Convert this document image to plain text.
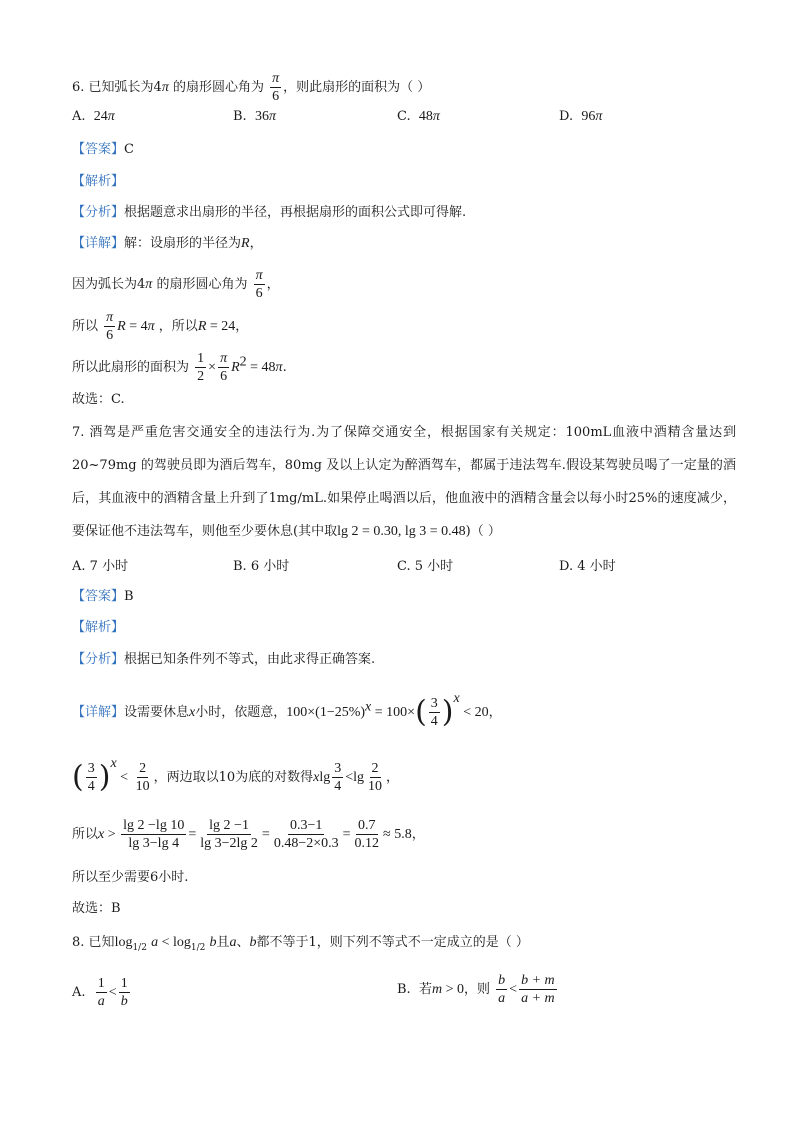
6. 已知弧长为4π 的扇形圆心角为 $\frac{\pi}{6}$ ，则此扇形的面积为（ ）
A. 24π	B. 36π	C. 48π	D. 96π
【答案】C
【解析】
【分析】根据题意求出扇形的半径，再根据扇形的面积公式即可得解.
【详解】解：设扇形的半径为R，
因为弧长为4π 的扇形圆心角为 $\frac{\pi}{6}$ ，
所以 $\frac{\pi}{6}$ R = 4π ，所以R = 24，
所以此扇形的面积为 $\frac{1}{2} \times \frac{\pi}{6} R^2 = 48\pi$.
故选：C.
7. 酒驾是严重危害交通安全的违法行为.为了保障交通安全，根据国家有关规定：100mL血液中酒精含量达到 20~79mg 的驾驶员即为酒后驾车，80mg 及以上认定为醉酒驾车，都属于违法驾车.假设某驾驶员喝了一定量的酒后，其血液中的酒精含量上升到了1mg/mL.如果停止喝酒以后，他血液中的酒精含量会以每小时25%的速度减少，要保证他不违法驾车，则他至少要休息(其中取lg 2 = 0.30, lg 3 = 0.48)（ ）
A. 7 小时	B. 6 小时	C. 5 小时	D. 4 小时
【答案】B
【解析】
【分析】根据已知条件列不等式，由此求得正确答案.
【详解】设需要休息x小时，依题意，$100\times(1-25\%)^x = 100\times( \frac{3}{4} )^x < 20$，
( $\frac{3}{4} )^x < \frac{2}{10}$ ，两边取以10为底的对数得xlg $\frac{3}{4} <\lg \frac{2}{10}$ ，
所以$x > \frac{\lg 2 -\lg 10}{\lg 3-\lg 4} = \frac{\lg 2 -1}{\lg 3-2\lg 2} = \frac{0.3-1}{0.48-2\times 0.3} = \frac{0.7}{0.12} \approx 5.8$，
所以至少需要6小时.
故选：B
8. 已知$\log_{1/2} a < \log_{1/2} b$且a、b都不等于1，则下列不等式不一定成立的是（ ）
A. $\frac{1}{a} < \frac{1}{b}$	B. 若m > 0，则 $\frac{b}{a} < \frac{b + m}{a + m}$
